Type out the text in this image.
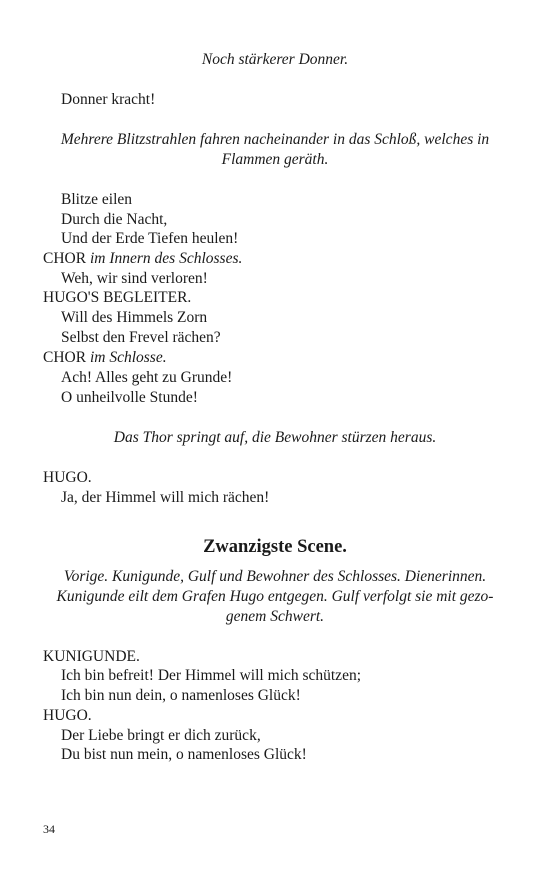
Noch stärkerer Donner.
Donner kracht!
Mehrere Blitzstrahlen fahren nacheinander in das Schloß, welches in
Flammen geräth.
Blitze eilen
Durch die Nacht,
Und der Erde Tiefen heulen!
CHOR im Innern des Schlosses.
Weh, wir sind verloren!
HUGO'S BEGLEITER.
Will des Himmels Zorn
Selbst den Frevel rächen?
CHOR im Schlosse.
Ach! Alles geht zu Grunde!
O unheilvolle Stunde!
Das Thor springt auf, die Bewohner stürzen heraus.
HUGO.
Ja, der Himmel will mich rächen!
Zwanzigste Scene.
Vorige. Kunigunde, Gulf und Bewohner des Schlosses. Dienerinnen.
Kunigunde eilt dem Grafen Hugo entgegen. Gulf verfolgt sie mit gezo-
genem Schwert.
KUNIGUNDE.
Ich bin befreit! Der Himmel will mich schützen;
Ich bin nun dein, o namenloses Glück!
HUGO.
Der Liebe bringt er dich zurück,
Du bist nun mein, o namenloses Glück!
34
